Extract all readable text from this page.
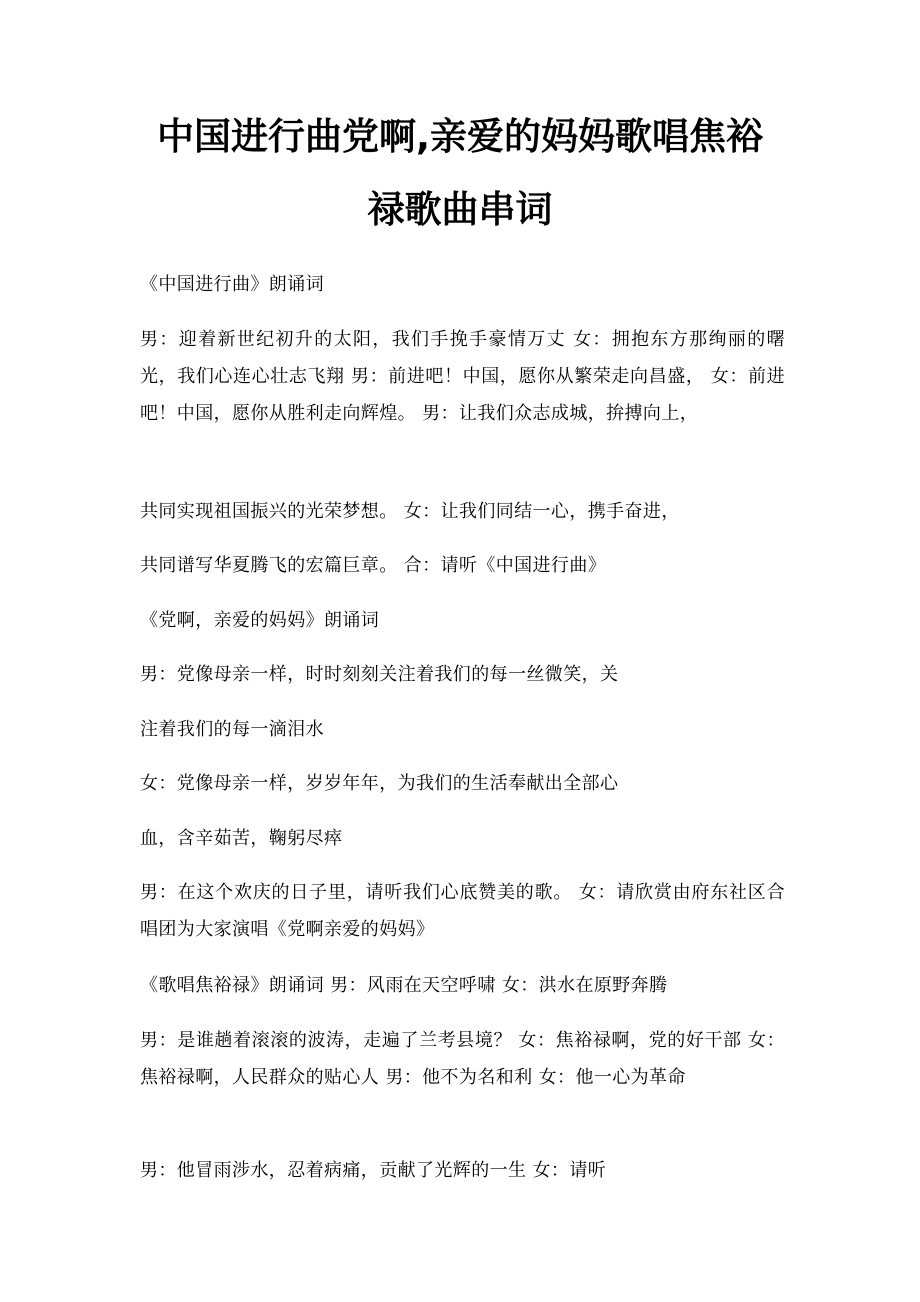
中国进行曲党啊,亲爱的妈妈歌唱焦裕
禄歌曲串词

《中国进行曲》朗诵词

男：迎着新世纪初升的太阳，我们手挽手豪情万丈 女：拥抱东方那绚丽的曙光，我们心连心壮志飞翔 男：前进吧！中国，愿你从繁荣走向昌盛， 女：前进吧！中国，愿你从胜利走向辉煌。 男：让我们众志成城，拚搏向上，

共同实现祖国振兴的光荣梦想。 女：让我们同结一心，携手奋进，

共同谱写华夏腾飞的宏篇巨章。 合：请听《中国进行曲》

《党啊，亲爱的妈妈》朗诵词

男：党像母亲一样，时时刻刻关注着我们的每一丝微笑，关

注着我们的每一滴泪水

女：党像母亲一样，岁岁年年，为我们的生活奉献出全部心

血，含辛茹苦，鞠躬尽瘁

男：在这个欢庆的日子里，请听我们心底赞美的歌。 女：请欣赏由府东社区合唱团为大家演唱《党啊亲爱的妈妈》

《歌唱焦裕禄》朗诵词 男：风雨在天空呼啸 女：洪水在原野奔腾

男：是谁趟着滚滚的波涛，走遍了兰考县境？ 女：焦裕禄啊，党的好干部 女：焦裕禄啊，人民群众的贴心人 男：他不为名和利 女：他一心为革命

男：他冒雨涉水，忍着病痛，贡献了光辉的一生 女：请听
